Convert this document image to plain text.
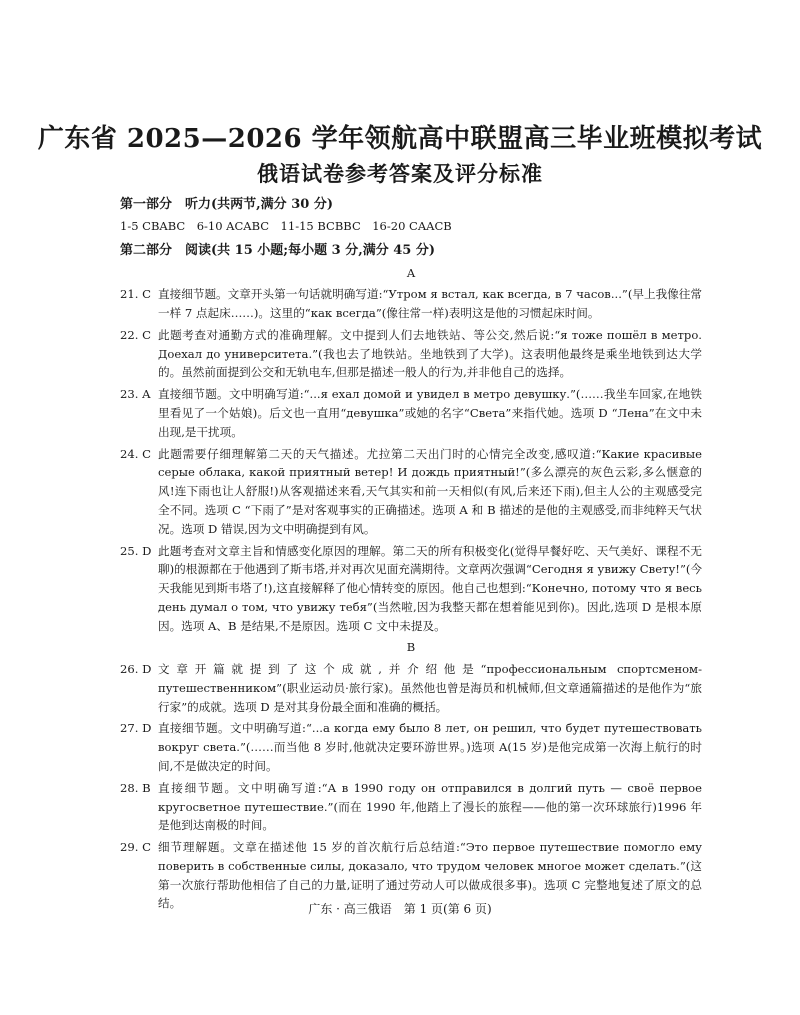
广东省 2025—2026 学年领航高中联盟高三毕业班模拟考试
俄语试卷参考答案及评分标准
第一部分　听力(共两节,满分 30 分)
1-5 CBABC　6-10 ACABC　11-15 BCBBC　16-20 CAACB
第二部分　阅读(共 15 小题;每小题 3 分,满分 45 分)
A
21. C 直接细节题。文章开头第一句话就明确写道:“Утром я встал, как всегда, в 7 часов...”(早上我像往常一样 7 点起床……)。这里的“как всегда”(像往常一样)表明这是他的习惯起床时间。
22. C 此题考查对通勤方式的准确理解。文中提到人们去地铁站、等公交,然后说:“я тоже пошёл в метро. Доехал до университета.”(我也去了地铁站。坐地铁到了大学)。这表明他最终是乘坐地铁到达大学的。虽然前面提到公交和无轨电车,但那是描述一般人的行为,并非他自己的选择。
23. A 直接细节题。文中明确写道:“...я ехал домой и увидел в метро девушку.”(……我坐车回家,在地铁里看见了一个姑娘)。后文也一直用“девушка”或她的名字“Света”来指代她。选项 D “Лена”在文中未出现,是干扰项。
24. C 此题需要仔细理解第二天的天气描述。尤拉第二天出门时的心情完全改变,感叹道:“Какие красивые серые облака, какой приятный ветер! И дождь приятный!”(多么漂亮的灰色云彩,多么惬意的风!连下雨也让人舒服!)从客观描述来看,天气其实和前一天相似(有风,后来还下雨),但主人公的主观感受完全不同。选项 C “下雨了”是对客观事实的正确描述。选项 A 和 B 描述的是他的主观感受,而非纯粹天气状况。选项 D 错误,因为文中明确提到有风。
25. D 此题考查对文章主旨和情感变化原因的理解。第二天的所有积极变化(觉得早餐好吃、天气美好、课程不无聊)的根源都在于他遇到了斯韦塔,并对再次见面充满期待。文章两次强调“Сегодня я увижу Свету!”(今天我能见到斯韦塔了!),这直接解释了他心情转变的原因。他自己也想到:“Конечно, потому что я весь день думал о том, что увижу тебя”(当然啦,因为我整天都在想着能见到你)。因此,选项 D 是根本原因。选项 A、B 是结果,不是原因。选项 C 文中未提及。
B
26. D 文章开篇就提到了这个成就,并介绍他是“профессиональным спортсменом-путешественником”(职业运动员·旅行家)。虽然他也曾是海员和机械师,但文章通篇描述的是他作为“旅行家”的成就。选项 D 是对其身份最全面和准确的概括。
27. D 直接细节题。文中明确写道:“...а когда ему было 8 лет, он решил, что будет путешествовать вокруг света.”(……而当他 8 岁时,他就决定要环游世界。)选项 A(15 岁)是他完成第一次海上航行的时间,不是做决定的时间。
28. B 直接细节题。文中明确写道:“А в 1990 году он отправился в долгий путь — своё первое кругосветное путешествие.”(而在 1990 年,他踏上了漫长的旅程——他的第一次环球旅行)1996 年是他到达南极的时间。
29. C 细节理解题。文章在描述他 15 岁的首次航行后总结道:“Это первое путешествие помогло ему поверить в собственные силы, доказало, что трудом человек многое может сделать.”(这第一次旅行帮助他相信了自己的力量,证明了通过劳动人可以做成很多事)。选项 C 完整地复述了原文的总结。	广东 · 高三俄语　第 1 页(第 6 页)
